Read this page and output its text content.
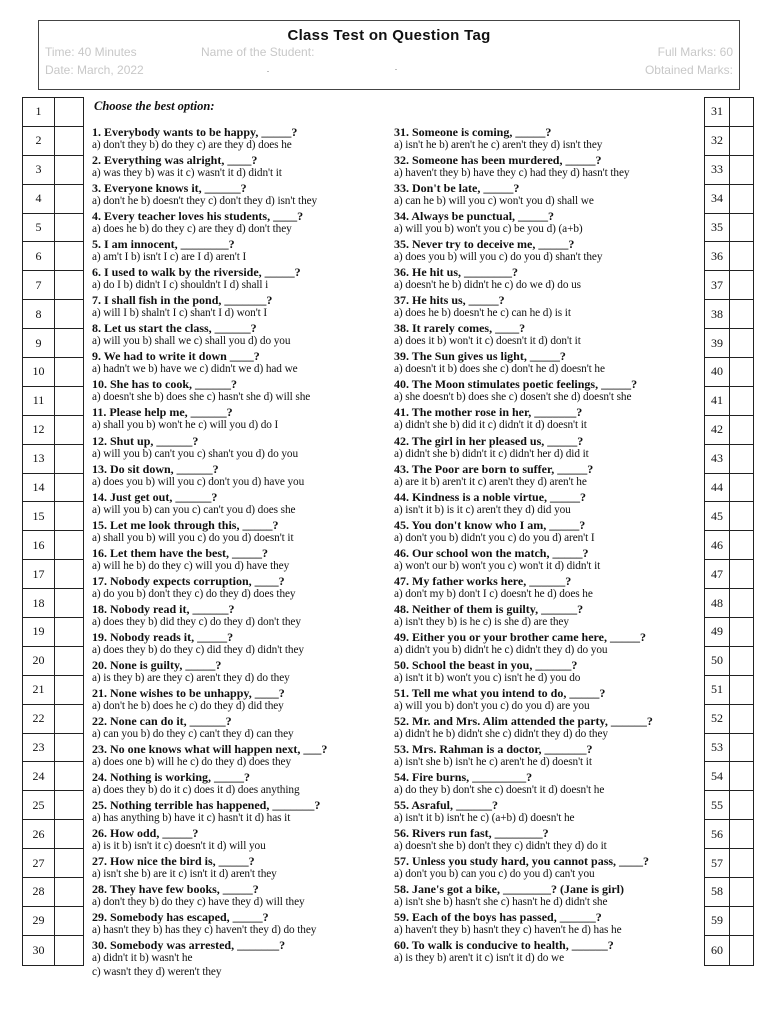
Class Test on Question Tag
Time: 40 Minutes
Date: March, 2022
Name of the Student:	Full Marks: 60
Obtained Marks:
.	.
1
2
3
4
5
6
7
8
9
10
11
12
13
14
15
16
17
18
19
20
21
22
23
24
25
26
27
28
29
30
31
32
33
34
35
36
37
38
39
40
41
42
43
44
45
46
47
48
49
50
51
52
53
54
55
56
57
58
59
60
Choose the best option:
1. Everybody wants to be happy, _____?
a) don't they b) do they c) are they d) does he
2. Everything was alright, ____?
a) was they b) was it c) wasn't it d) didn't it
3. Everyone knows it, ______?
a) don't he b) doesn't they c) don't they d) isn't they
4. Every teacher loves his students, ____?
a) does he b) do they c) are they d) don't they
5. I am innocent, ________?
a) am't I b) isn't I c) are I d) aren't I
6. I used to walk by the riverside, _____?
a) do I b) didn't I c) shouldn't I d) shall i
7. I shall fish in the pond, _______?
a) will I b) shaln't I c) shan't I d) won't I
8. Let us start the class, ______?
a) will you b) shall we c) shall you d) do you
9. We had to write it down ____?
a) hadn't we b) have we c) didn't we d) had we
10. She has to cook, ______?
a) doesn't she b) does she c) hasn't she d) will she
11. Please help me, ______?
a) shall you b) won't he c) will you d) do I
12. Shut up, ______?
a) will you b) can't you c) shan't you d) do you
13. Do sit down, ______?
a) does you b) will you c) don't you d) have you
14. Just get out, ______?
a) will you b) can you c) can't you d) does she
15. Let me look through this, _____?
a) shall you b) will you c) do you d) doesn't it
16. Let them have the best, _____?
a) will he b) do they c) will you d) have they
17. Nobody expects corruption, ____?
a) do you b) don't they c) do they d) does they
18. Nobody read it, ______?
a) does they b) did they c) do they d) don't they
19. Nobody reads it, _____?
a) does they b) do they c) did they d) didn't they
20. None is guilty, _____?
a) is they b) are they c) aren't they d) do they
21. None wishes to be unhappy, ____?
a) don't he b) does he c) do they d) did they
22. None can do it, ______?
a) can you b) do they c) can't they d) can they
23. No one knows what will happen next, ___?
a) does one b) will he c) do they d) does they
24. Nothing is working, _____?
a) does they b) do it c) does it d) does anything
25. Nothing terrible has happened, _______?
a) has anything b) have it c) hasn't it d) has it
26. How odd, _____?
a) is it b) isn't it c) doesn't it d) will you
27. How nice the bird is, _____?
a) isn't she b) are it c) isn't it d) aren't they
28. They have few books, _____?
a) don't they b) do they c) have they d) will they
29. Somebody has escaped, _____?
a) hasn't they b) has they c) haven't they d) do they
30. Somebody was arrested, _______?
a) didn't it b) wasn't he
c) wasn't they d) weren't they
31. Someone is coming, _____?
a) isn't he b) aren't he c) aren't they d) isn't they
32. Someone has been murdered, _____?
a) haven't they b) have they c) had they d) hasn't they
33. Don't be late, _____?
a) can he b) will you c) won't you d) shall we
34. Always be punctual, _____?
a) will you b) won't you c) be you d) (a+b)
35. Never try to deceive me, _____?
a) does you b) will you c) do you d) shan't they
36. He hit us, ________?
a) doesn't he b) didn't he c) do we d) do us
37. He hits us, _____?
a) does he b) doesn't he c) can he d) is it
38. It rarely comes, ____?
a) does it b) won't it c) doesn't it d) don't it
39. The Sun gives us light, _____?
a) doesn't it b) does she c) don't he d) doesn't he
40. The Moon stimulates poetic feelings, _____?
a) she doesn't b) does she c) dosen't she d) doesn't she
41. The mother rose in her, _______?
a) didn't she b) did it c) didn't it d) doesn't it
42. The girl in her pleased us, _____?
a) didn't she b) didn't it c) didn't her d) did it
43. The Poor are born to suffer, _____?
a) are it b) aren't it c) aren't they d) aren't he
44. Kindness is a noble virtue, _____?
a) isn't it b) is it c) aren't they d) did you
45. You don't know who I am, _____?
a) don't you b) didn't you c) do you d) aren't I
46. Our school won the match, _____?
a) won't our b) won't you c) won't it d) didn't it
47. My father works here, ______?
a) don't my b) don't I c) doesn't he d) does he
48. Neither of them is guilty, ______?
a) isn't they b) is he c) is she d) are they
49. Either you or your brother came here, _____?
a) didn't you b) didn't he c) didn't they d) do you
50. School the beast in you, ______?
a) isn't it b) won't you c) isn't he d) you do
51. Tell me what you intend to do, _____?
a) will you b) don't you c) do you d) are you
52. Mr. and Mrs. Alim attended the party, ______?
a) didn't he b) didn't she c) didn't they d) do they
53. Mrs. Rahman is a doctor, _______?
a) isn't she b) isn't he c) aren't he d) doesn't it
54. Fire burns, _________?
a) do they b) don't she c) doesn't it d) doesn't he
55. Asraful, ______?
a) isn't it b) isn't he c) (a+b) d) doesn't he
56. Rivers run fast, ________?
a) doesn't she b) don't they c) didn't they d) do it
57. Unless you study hard, you cannot pass, ____?
a) don't you b) can you c) do you d) can't you
58. Jane's got a bike, ________? (Jane is girl)
a) isn't she b) hasn't she c) hasn't he d) didn't she
59. Each of the boys has passed, ______?
a) haven't they b) hasn't they c) haven't he d) has he
60. To walk is conducive to health, ______?
a) is they b) aren't it c) isn't it d) do we
